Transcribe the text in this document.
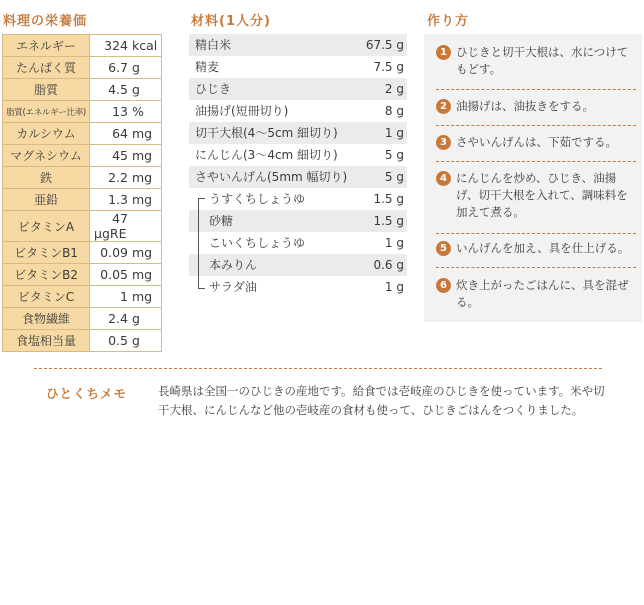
料理の栄養価
エネルギー	324 kcal
たんぱく質	6.7 g
脂質	4.5 g
脂質(エネルギー比率)	13 %
カルシウム	64 mg
マグネシウム	45 mg
鉄	2.2 mg
亜鉛	1.3 mg
ビタミンA	47μgRE
ビタミンB1	0.09 mg
ビタミンB2	0.05 mg
ビタミンC	1 mg
食物繊維	2.4 g
食塩相当量	0.5 g
材料(1人分)
精白米	67.5 g
精麦	7.5 g
ひじき	2 g
油揚げ(短冊切り)	8 g
切干大根(4～5cm 細切り)	1 g
にんじん(3～4cm 細切り)	5 g
さやいんげん(5mm 幅切り)	5 g
うすくちしょうゆ	1.5 g
砂糖	1.5 g
こいくちしょうゆ	1 g
本みりん	0.6 g
サラダ油	1 g
作り方
1 ひじきと切干大根は、水につけてもどす。
2 油揚げは、油抜きをする。
3 さやいんげんは、下茹でする。
4 にんじんを炒め、ひじき、油揚げ、切干大根を入れて、調味料を加えて煮る。
5 いんげんを加え、具を仕上げる。
6 炊き上がったごはんに、具を混ぜる。
ひとくちメモ	長崎県は全国一のひじきの産地です。給食では壱岐産のひじきを使っています。米や切干大根、にんじんなど他の壱岐産の食材も使って、ひじきごはんをつくりました。
